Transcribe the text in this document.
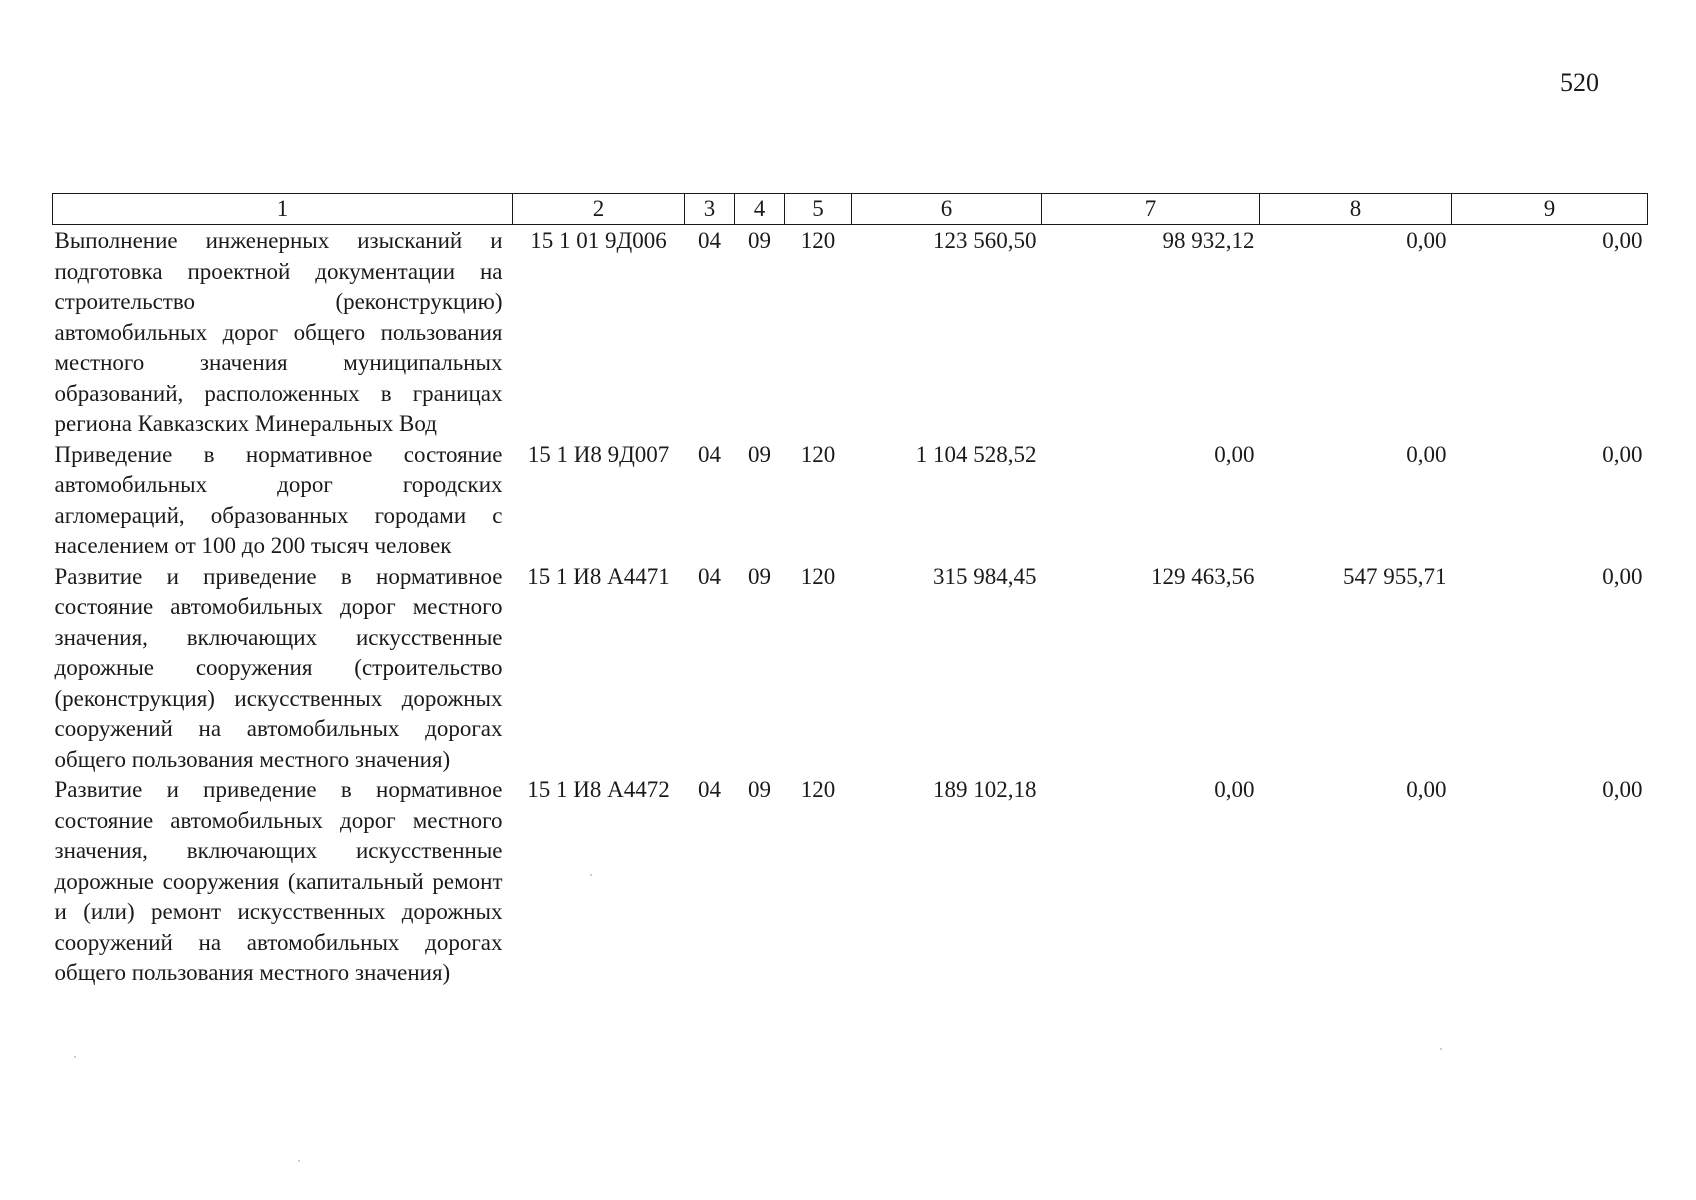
520
1	2	3	4	5	6	7	8	9
Выполнение инженерных изысканий и подготовка проектной документации на строительство (реконструкцию) автомобильных дорог общего пользования местного значения муниципальных образований, расположенных в границах региона Кавказских Минеральных Вод	15 1 01 9Д006	04	09	120	123 560,50	98 932,12	0,00	0,00
Приведение в нормативное состояние автомобильных дорог городских агломераций, образованных городами с населением от 100 до 200 тысяч человек	15 1 И8 9Д007	04	09	120	1 104 528,52	0,00	0,00	0,00
Развитие и приведение в нормативное состояние автомобильных дорог местного значения, включающих искусственные дорожные сооружения (строительство (реконструкция) искусственных дорожных сооружений на автомобильных дорогах общего пользования местного значения)	15 1 И8 А4471	04	09	120	315 984,45	129 463,56	547 955,71	0,00
Развитие и приведение в нормативное состояние автомобильных дорог местного значения, включающих искусственные дорожные сооружения (капитальный ремонт и (или) ремонт искусственных дорожных сооружений на автомобильных дорогах общего пользования местного значения)	15 1 И8 А4472	04	09	120	189 102,18	0,00	0,00	0,00
